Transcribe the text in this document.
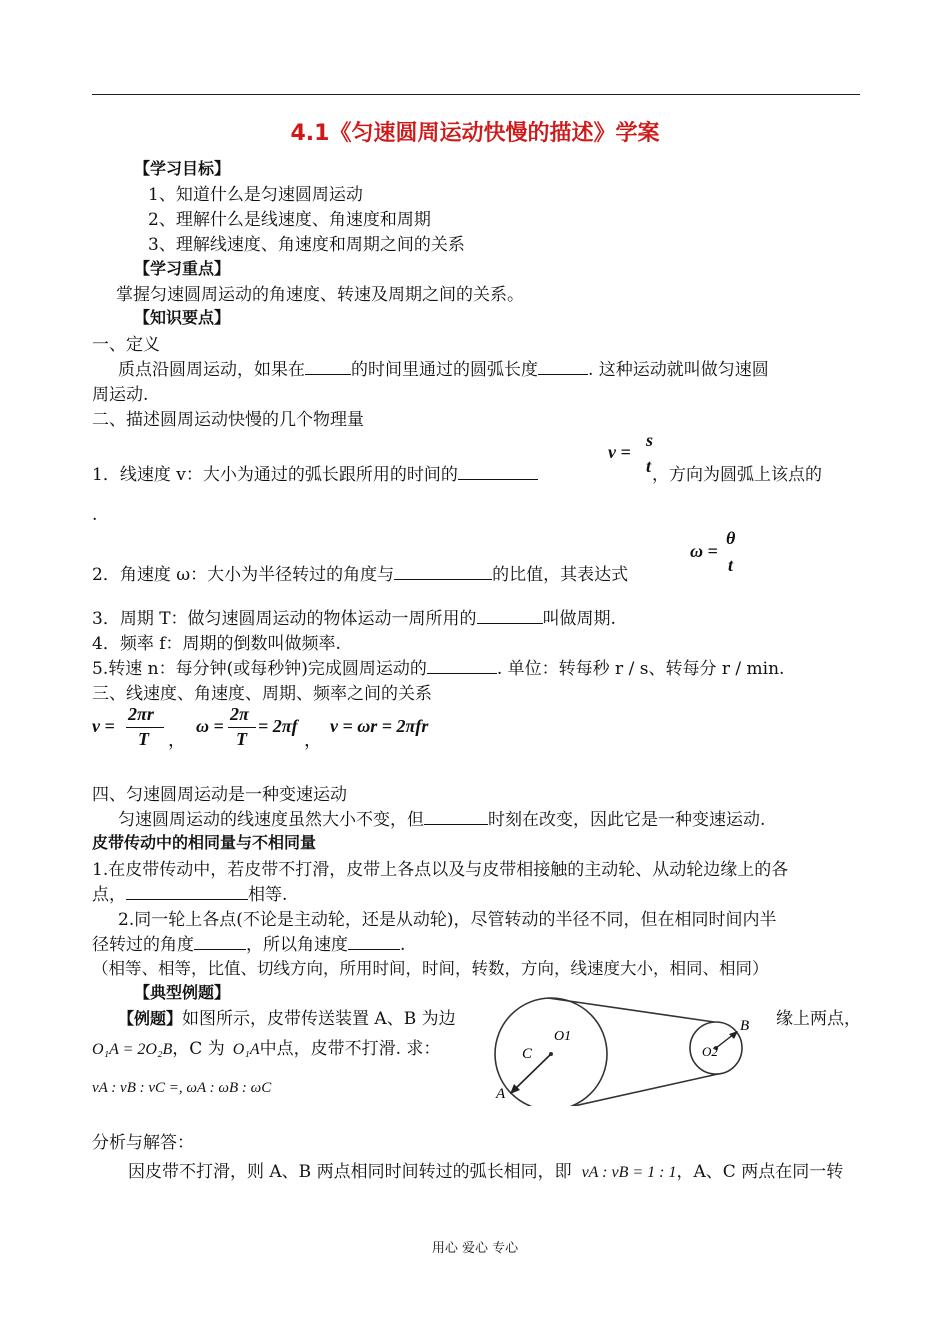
4.1《匀速圆周运动快慢的描述》学案
【学习目标】
1、知道什么是匀速圆周运动
2、理解什么是线速度、角速度和周期
3、理解线速度、角速度和周期之间的关系
【学习重点】
掌握匀速圆周运动的角速度、转速及周期之间的关系。
【知识要点】
一、定义
质点沿圆周运动，如果在	的时间里通过的圆弧长度	. 这种运动就叫做匀速圆
周运动.
二、描述圆周运动快慢的几个物理量
1．线速度 v：大小为通过的弧长跟所用的时间的
v =
s
t ，方向为圆弧上该点的
.
2．角速度 ω：大小为半径转过的角度与	的比值，其表达式
ω =
θ
t
3．周期 T：做匀速圆周运动的物体运动一周所用的	叫做周期.
4．频率 f：周期的倒数叫做频率.
5.转速 n：每分钟(或每秒钟)完成圆周运动的	. 单位：转每秒 r / s、转每分 r / min.
三、线速度、角速度、周期、频率之间的关系
v =
2πr
T ，
ω =
2π
T
= 2πf
，
v = ωr = 2πfr
四、匀速圆周运动是一种变速运动
匀速圆周运动的线速度虽然大小不变，但	时刻在改变，因此它是一种变速运动.
皮带传动中的相同量与不相同量
1.在皮带传动中，若皮带不打滑，皮带上各点以及与皮带相接触的主动轮、从动轮边缘上的各
点，	相等.
2.同一轮上各点(不论是主动轮，还是从动轮)，尽管转动的半径不同，但在相同时间内半
径转过的角度	，所以角速度	.
（相等、相等，比值、切线方向，所用时间，时间，转数，方向，线速度大小，相同、相同）
【典型例题】
【例题】如图所示，皮带传送装置 A、B 为边	缘上两点，
O₁A = 2O₂B，C 为 O₁A中点，皮带不打滑. 求：
vA : vB : vC =, ωA : ωB : ωC
O1
O2
C
A
B
分析与解答：
因皮带不打滑，则 A、B 两点相同时间转过的弧长相同，即 vA : vB = 1 : 1，A、C 两点在同一转
用心 爱心 专心
